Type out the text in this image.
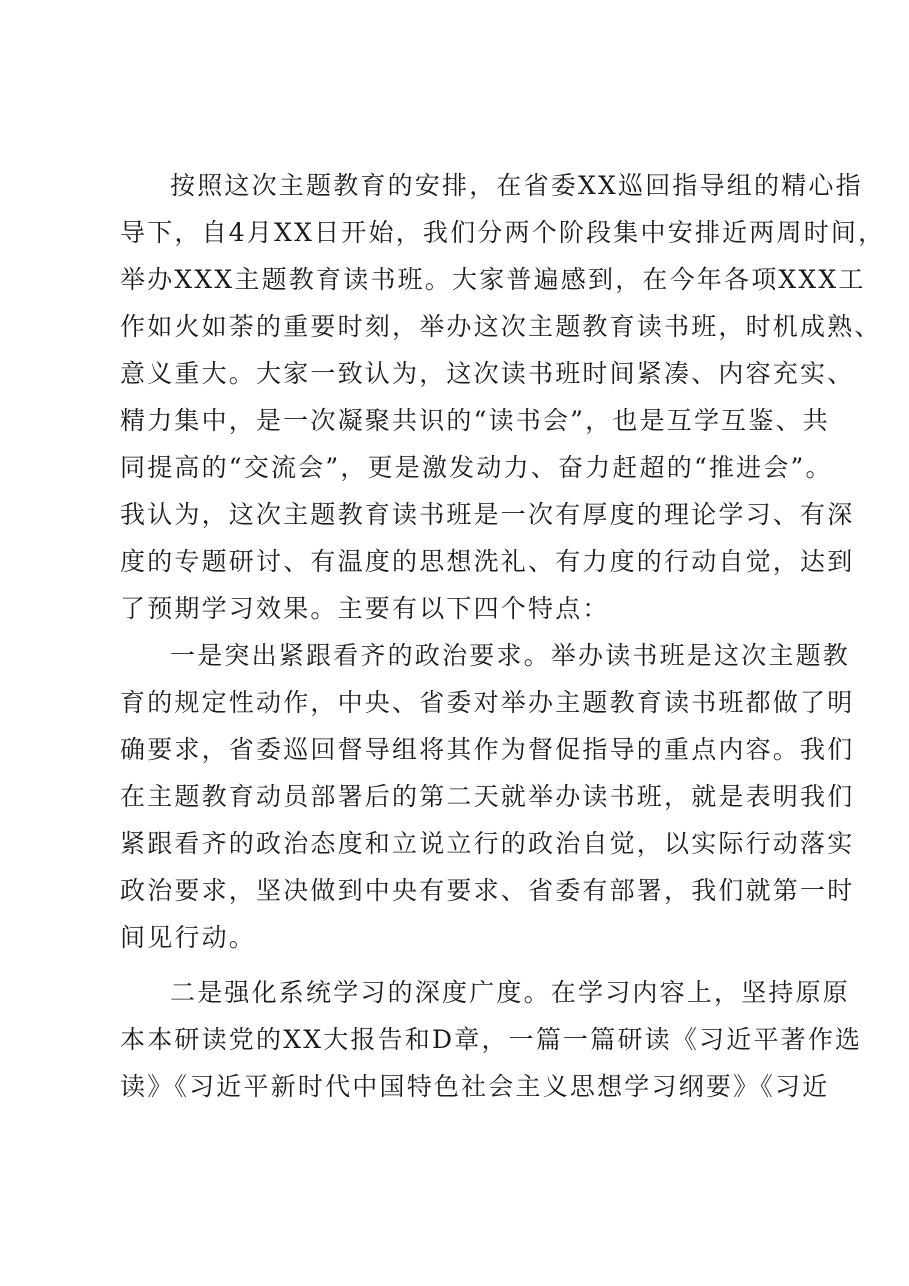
按照这次主题教育的安排，在省委XX巡回指导组的精心指
导下，自4月XX日开始，我们分两个阶段集中安排近两周时间，
举办XXX主题教育读书班。大家普遍感到，在今年各项XXX工
作如火如荼的重要时刻，举办这次主题教育读书班，时机成熟、
意义重大。大家一致认为，这次读书班时间紧凑、内容充实、
精力集中，是一次凝聚共识的“读书会”，也是互学互鉴、共
同提高的“交流会”，更是激发动力、奋力赶超的“推进会”。
我认为，这次主题教育读书班是一次有厚度的理论学习、有深
度的专题研讨、有温度的思想洗礼、有力度的行动自觉，达到
了预期学习效果。主要有以下四个特点：
一是突出紧跟看齐的政治要求。举办读书班是这次主题教
育的规定性动作，中央、省委对举办主题教育读书班都做了明
确要求，省委巡回督导组将其作为督促指导的重点内容。我们
在主题教育动员部署后的第二天就举办读书班，就是表明我们
紧跟看齐的政治态度和立说立行的政治自觉，以实际行动落实
政治要求，坚决做到中央有要求、省委有部署，我们就第一时
间见行动。
二是强化系统学习的深度广度。在学习内容上，坚持原原
本本研读党的XX大报告和D章，一篇一篇研读《习近平著作选
读》《习近平新时代中国特色社会主义思想学习纲要》《习近
